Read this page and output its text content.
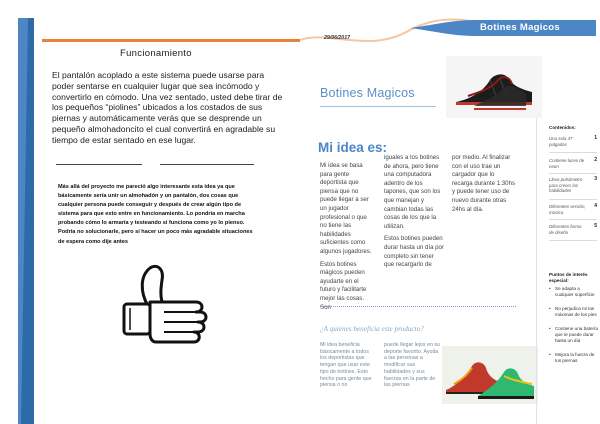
Funcionamiento
El pantalón acoplado a este sistema puede usarse para poder sentarse en cualquier lugar que sea incómodo y convertirlo en cómodo. Una vez sentado, usted debe tirar de los pequeños “piolines” ubicados a los costados de sus piernas y automáticamente verás que se desprende un pequeño almohadoncito el cual convertirá en agradable su tiempo de estar sentado en ese lugar.
Más allá del proyecto me pareció algo interesante esta idea ya que básicamente sería unir un almohadón y un pantalón, dos cosas que cualquier persona puede conseguir y después de crear algún tipo de sistema para que esto entre en funcionamiento. Lo pondría en marcha probando cómo lo armaría y testeando si funciona como yo lo pienso. Podría no solucionarle, pero sí hacer un poco más agradable situaciones de espera como dije antes
Botines Magicos
29/06/2017
Botines Magicos
Mi idea es:

Mi idea se basa para gente deportista que piensa que no puede llegar a ser un jugador profesional o que no tiene las habilidades suficientes como algunos jugadores.

Estos botines mágicos pueden ayudarte en el futuro y facilitarte mejor las cosas. Son

iguales a los botines de ahora, pero tiene una computadora adentro de los tapones, que son los que manejan y cambian todas las cosas de los que la utilizan.

Estos botines pueden durar hasta un día por completo sin tener que recargarlo de

por medio. Al finalizar con el uso trae un cargador que lo recarga durante 1:30hs y puede tener uso de nuevo durante otras 24hs al día.

¿A quienes beneficia este producto?
Mi idea beneficia básicamente a todos los deportistas que tengan que usar este tipo de botines. Esto hecho para gente que piensa o no
puede llegar lejos en su deporte favorito. Ayuda a las personas a modificar sus habilidades y sus fuerzas en la parte de las piernas
Contenidos:
Una sola 47 pulgadas
1
Contiene luces de neon
2
Lleva pulsómetro para crecer las habilidades
3
Diferentes versión, monica
4
Diferentes forma de diseño
5
Puntos de interés especial:
• Se adapta a cualquier superficie
• No perjudica mi las máximas de los pies
• Contiene una batería que te puede durar hasta un día
• Mejora la fuerza de tus piernas
